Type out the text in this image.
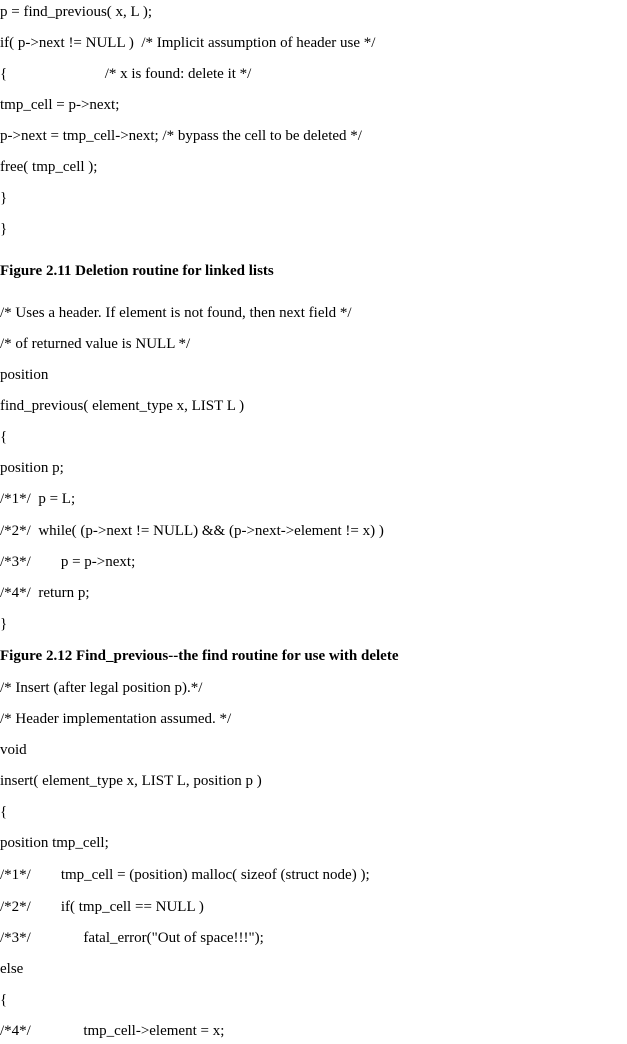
p = find_previous( x, L );

if( p->next != NULL )  /* Implicit assumption of header use */

{                          /* x is found: delete it */

tmp_cell = p->next;

p->next = tmp_cell->next; /* bypass the cell to be deleted */

free( tmp_cell );

}

}

Figure 2.11 Deletion routine for linked lists

/* Uses a header. If element is not found, then next field */

/* of returned value is NULL */

position

find_previous( element_type x, LIST L )

{

position p;

/*1*/  p = L;

/*2*/  while( (p->next != NULL) && (p->next->element != x) )

/*3*/        p = p->next;

/*4*/  return p;

}

Figure 2.12 Find_previous--the find routine for use with delete

/* Insert (after legal position p).*/

/* Header implementation assumed. */

void

insert( element_type x, LIST L, position p )

{

position tmp_cell;

/*1*/        tmp_cell = (position) malloc( sizeof (struct node) );

/*2*/        if( tmp_cell == NULL )

/*3*/              fatal_error("Out of space!!!");

else

{

/*4*/              tmp_cell->element = x;
